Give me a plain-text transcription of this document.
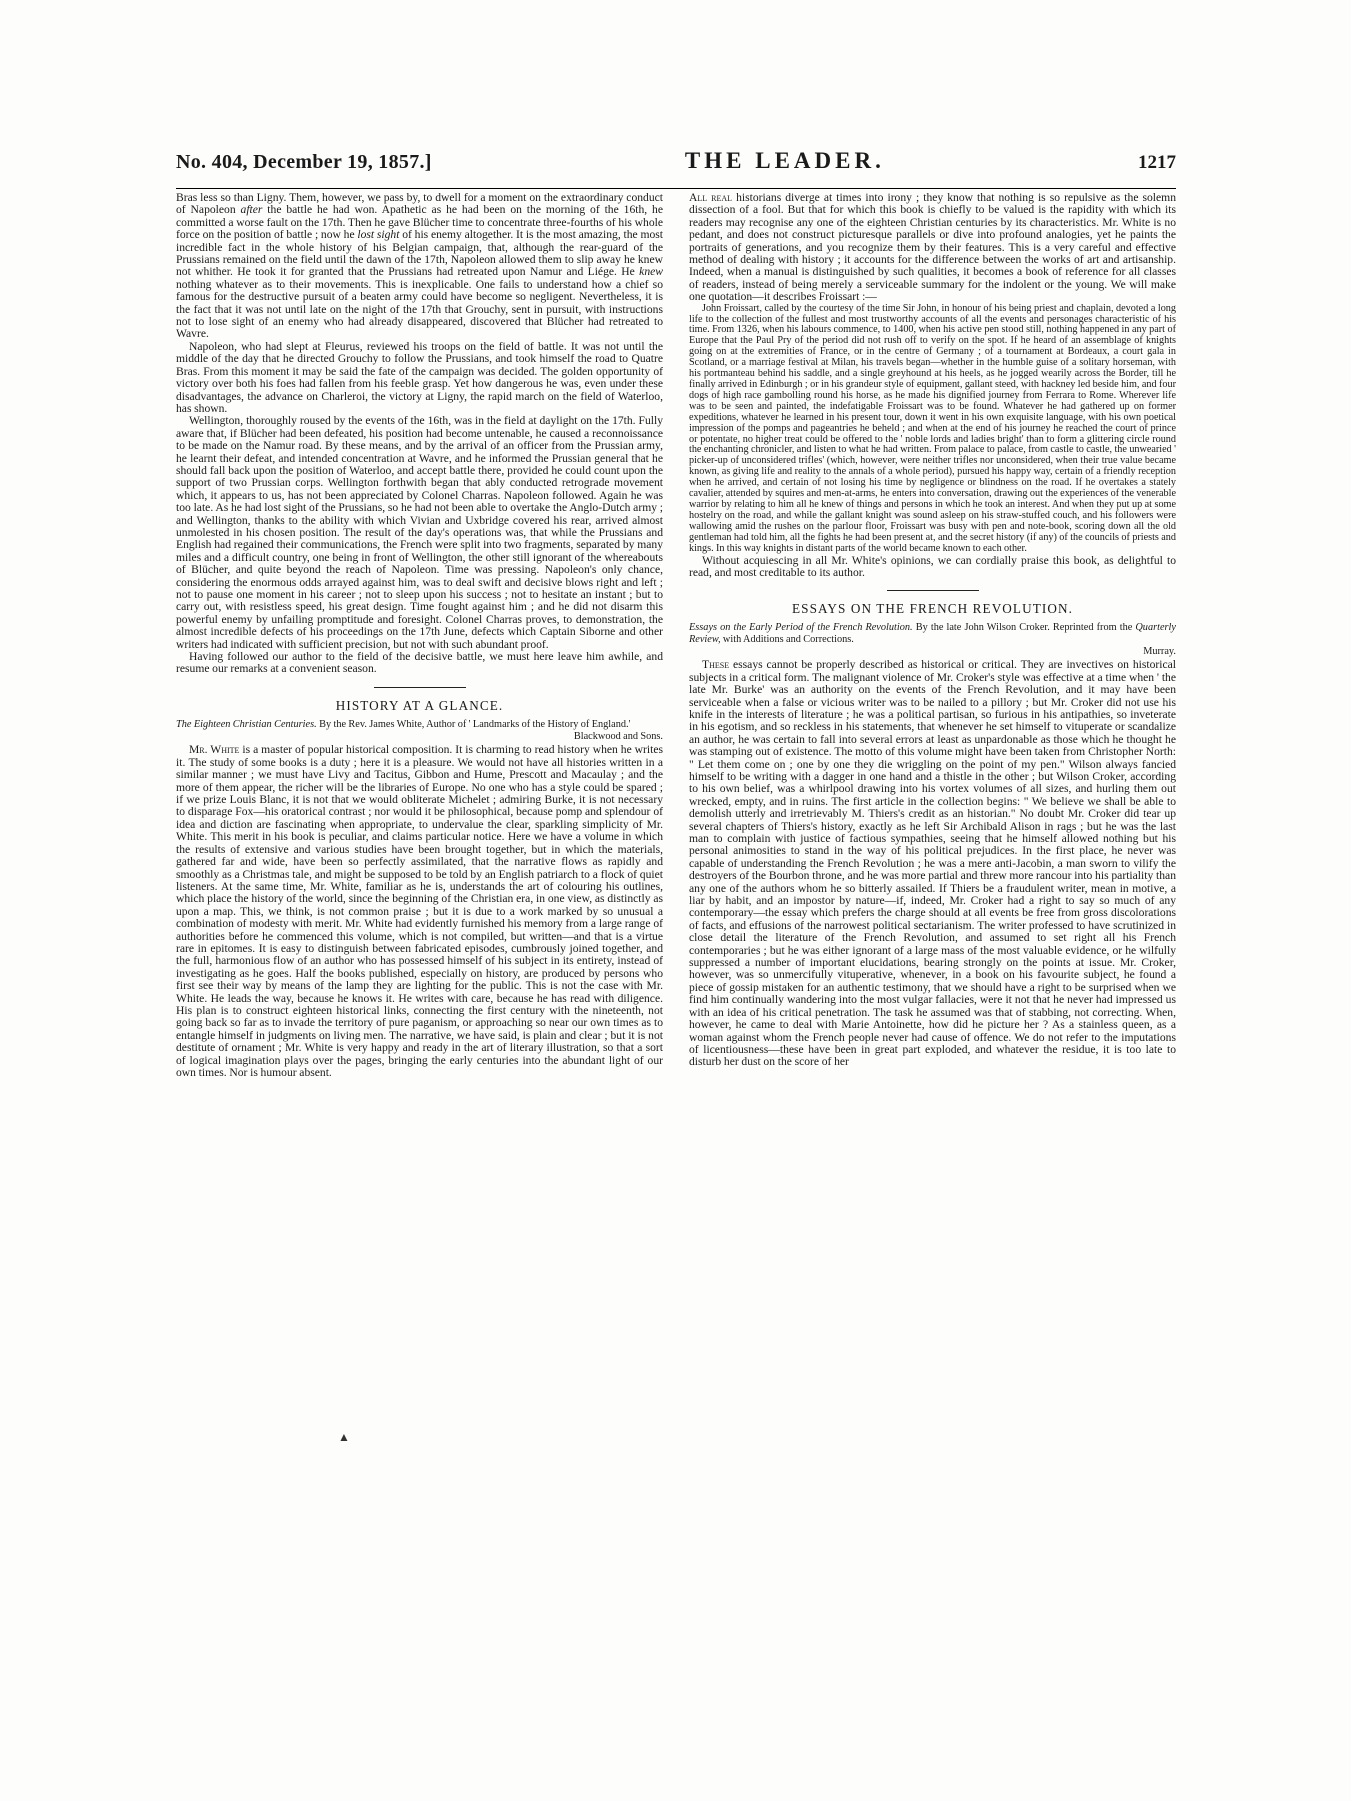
No. 404, December 19, 1857.]	THE LEADER.	1217

Bras less so than Ligny. Them, however, we pass by, to dwell for a moment on the extraordinary conduct of Napoleon after the battle he had won. Apathetic as he had been on the morning of the 16th, he committed a worse fault on the 17th. Then he gave Blücher time to concentrate three-fourths of his whole force on the position of battle ; now he lost sight of his enemy altogether. It is the most amazing, the most incredible fact in the whole history of his Belgian campaign, that, although the rear-guard of the Prussians remained on the field until the dawn of the 17th, Napoleon allowed them to slip away he knew not whither. He took it for granted that the Prussians had retreated upon Namur and Liége. He knew nothing whatever as to their movements. This is inexplicable. One fails to understand how a chief so famous for the destructive pursuit of a beaten army could have become so negligent. Nevertheless, it is the fact that it was not until late on the night of the 17th that Grouchy, sent in pursuit, with instructions not to lose sight of an enemy who had already disappeared, discovered that Blücher had retreated to Wavre.

Napoleon, who had slept at Fleurus, reviewed his troops on the field of battle. It was not until the middle of the day that he directed Grouchy to follow the Prussians, and took himself the road to Quatre Bras. From this moment it may be said the fate of the campaign was decided. The golden opportunity of victory over both his foes had fallen from his feeble grasp. Yet how dangerous he was, even under these disadvantages, the advance on Charleroi, the victory at Ligny, the rapid march on the field of Waterloo, has shown.

Wellington, thoroughly roused by the events of the 16th, was in the field at daylight on the 17th. Fully aware that, if Blücher had been defeated, his position had become untenable, he caused a reconnoissance to be made on the Namur road. By these means, and by the arrival of an officer from the Prussian army, he learnt their defeat, and intended concentration at Wavre, and he informed the Prussian general that he should fall back upon the position of Waterloo, and accept battle there, provided he could count upon the support of two Prussian corps. Wellington forthwith began that ably conducted retrograde movement which, it appears to us, has not been appreciated by Colonel Charras. Napoleon followed. Again he was too late. As he had lost sight of the Prussians, so he had not been able to overtake the Anglo-Dutch army ; and Wellington, thanks to the ability with which Vivian and Uxbridge covered his rear, arrived almost unmolested in his chosen position. The result of the day's operations was, that while the Prussians and English had regained their communications, the French were split into two fragments, separated by many miles and a difficult country, one being in front of Wellington, the other still ignorant of the whereabouts of Blücher, and quite beyond the reach of Napoleon. Time was pressing. Napoleon's only chance, considering the enormous odds arrayed against him, was to deal swift and decisive blows right and left ; not to pause one moment in his career ; not to sleep upon his success ; not to hesitate an instant ; but to carry out, with resistless speed, his great design. Time fought against him ; and he did not disarm this powerful enemy by unfailing promptitude and foresight. Colonel Charras proves, to demonstration, the almost incredible defects of his proceedings on the 17th June, defects which Captain Siborne and other writers had indicated with sufficient precision, but not with such abundant proof.

Having followed our author to the field of the decisive battle, we must here leave him awhile, and resume our remarks at a convenient season.

HISTORY AT A GLANCE.

The Eighteen Christian Centuries. By the Rev. James White, Author of ' Landmarks of the History of England.'

Blackwood and Sons.

Mr. White is a master of popular historical composition. It is charming to read history when he writes it. The study of some books is a duty ; here it is a pleasure. We would not have all histories written in a similar manner ; we must have Livy and Tacitus, Gibbon and Hume, Prescott and Macaulay ; and the more of them appear, the richer will be the libraries of Europe. No one who has a style could be spared ; if we prize Louis Blanc, it is not that we would obliterate Michelet ; admiring Burke, it is not necessary to disparage Fox—his oratorical contrast ; nor would it be philosophical, because pomp and splendour of idea and diction are fascinating when appropriate, to undervalue the clear, sparkling simplicity of Mr. White. This merit in his book is peculiar, and claims particular notice. Here we have a volume in which the results of extensive and various studies have been brought together, but in which the materials, gathered far and wide, have been so perfectly assimilated, that the narrative flows as rapidly and smoothly as a Christmas tale, and might be supposed to be told by an English patriarch to a flock of quiet listeners. At the same time, Mr. White, familiar as he is, understands the art of colouring his outlines, which place the history of the world, since the beginning of the Christian era, in one view, as distinctly as upon a map. This, we think, is not common praise ; but it is due to a work marked by so unusual a combination of modesty with merit. Mr. White had evidently furnished his memory from a large range of authorities before he commenced this volume, which is not compiled, but written—and that is a virtue rare in epitomes. It is easy to distinguish between fabricated episodes, cumbrously joined together, and the full, harmonious flow of an author who has possessed himself of his subject in its entirety, instead of investigating as he goes. Half the books published, especially on history, are produced by persons who first see their way by means of the lamp they are lighting for the public. This is not the case with Mr. White. He leads the way, because he knows it. He writes with care, because he has read with diligence. His plan is to construct eighteen historical links, connecting the first century with the nineteenth, not going back so far as to invade the territory of pure paganism, or approaching so near our own times as to entangle himself in judgments on living men. The narrative, we have said, is plain and clear ; but it is not destitute of ornament ; Mr. White is very happy and ready in the art of literary illustration, so that a sort of logical imagination plays over the pages, bringing the early centuries into the abundant light of our own times. Nor is humour absent.

All real historians diverge at times into irony ; they know that nothing is so repulsive as the solemn dissection of a fool. But that for which this book is chiefly to be valued is the rapidity with which its readers may recognise any one of the eighteen Christian centuries by its characteristics. Mr. White is no pedant, and does not construct picturesque parallels or dive into profound analogies, yet he paints the portraits of generations, and you recognize them by their features. This is a very careful and effective method of dealing with history ; it accounts for the difference between the works of art and artisanship. Indeed, when a manual is distinguished by such qualities, it becomes a book of reference for all classes of readers, instead of being merely a serviceable summary for the indolent or the young. We will make one quotation—it describes Froissart :—

John Froissart, called by the courtesy of the time Sir John, in honour of his being priest and chaplain, devoted a long life to the collection of the fullest and most trustworthy accounts of all the events and personages characteristic of his time. From 1326, when his labours commence, to 1400, when his active pen stood still, nothing happened in any part of Europe that the Paul Pry of the period did not rush off to verify on the spot. If he heard of an assemblage of knights going on at the extremities of France, or in the centre of Germany ; of a tournament at Bordeaux, a court gala in Scotland, or a marriage festival at Milan, his travels began—whether in the humble guise of a solitary horseman, with his portmanteau behind his saddle, and a single greyhound at his heels, as he jogged wearily across the Border, till he finally arrived in Edinburgh ; or in his grandeur style of equipment, gallant steed, with hackney led beside him, and four dogs of high race gambolling round his horse, as he made his dignified journey from Ferrara to Rome. Wherever life was to be seen and painted, the indefatigable Froissart was to be found. Whatever he had gathered up on former expeditions, whatever he learned in his present tour, down it went in his own exquisite language, with his own poetical impression of the pomps and pageantries he beheld ; and when at the end of his journey he reached the court of prince or potentate, no higher treat could be offered to the ' noble lords and ladies bright' than to form a glittering circle round the enchanting chronicler, and listen to what he had written. From palace to palace, from castle to castle, the unwearied ' picker-up of unconsidered trifles' (which, however, were neither trifles nor unconsidered, when their true value became known, as giving life and reality to the annals of a whole period), pursued his happy way, certain of a friendly reception when he arrived, and certain of not losing his time by negligence or blindness on the road. If he overtakes a stately cavalier, attended by squires and men-at-arms, he enters into conversation, drawing out the experiences of the venerable warrior by relating to him all he knew of things and persons in which he took an interest. And when they put up at some hostelry on the road, and while the gallant knight was sound asleep on his straw-stuffed couch, and his followers were wallowing amid the rushes on the parlour floor, Froissart was busy with pen and note-book, scoring down all the old gentleman had told him, all the fights he had been present at, and the secret history (if any) of the councils of priests and kings. In this way knights in distant parts of the world became known to each other.

Without acquiescing in all Mr. White's opinions, we can cordially praise this book, as delightful to read, and most creditable to its author.

ESSAYS ON THE FRENCH REVOLUTION.

Essays on the Early Period of the French Revolution. By the late John Wilson Croker. Reprinted from the Quarterly Review, with Additions and Corrections.

Murray.

These essays cannot be properly described as historical or critical. They are invectives on historical subjects in a critical form. The malignant violence of Mr. Croker's style was effective at a time when ' the late Mr. Burke' was an authority on the events of the French Revolution, and it may have been serviceable when a false or vicious writer was to be nailed to a pillory ; but Mr. Croker did not use his knife in the interests of literature ; he was a political partisan, so furious in his antipathies, so inveterate in his egotism, and so reckless in his statements, that whenever he set himself to vituperate or scandalize an author, he was certain to fall into several errors at least as unpardonable as those which he thought he was stamping out of existence. The motto of this volume might have been taken from Christopher North: " Let them come on ; one by one they die wriggling on the point of my pen." Wilson always fancied himself to be writing with a dagger in one hand and a thistle in the other ; but Wilson Croker, according to his own belief, was a whirlpool drawing into his vortex volumes of all sizes, and hurling them out wrecked, empty, and in ruins. The first article in the collection begins: " We believe we shall be able to demolish utterly and irretrievably M. Thiers's credit as an historian." No doubt Mr. Croker did tear up several chapters of Thiers's history, exactly as he left Sir Archibald Alison in rags ; but he was the last man to complain with justice of factious sympathies, seeing that he himself allowed nothing but his personal animosities to stand in the way of his political prejudices. In the first place, he never was capable of understanding the French Revolution ; he was a mere anti-Jacobin, a man sworn to vilify the destroyers of the Bourbon throne, and he was more partial and threw more rancour into his partiality than any one of the authors whom he so bitterly assailed. If Thiers be a fraudulent writer, mean in motive, a liar by habit, and an impostor by nature—if, indeed, Mr. Croker had a right to say so much of any contemporary—the essay which prefers the charge should at all events be free from gross discolorations of facts, and effusions of the narrowest political sectarianism. The writer professed to have scrutinized in close detail the literature of the French Revolution, and assumed to set right all his French contemporaries ; but he was either ignorant of a large mass of the most valuable evidence, or he wilfully suppressed a number of important elucidations, bearing strongly on the points at issue. Mr. Croker, however, was so unmercifully vituperative, whenever, in a book on his favourite subject, he found a piece of gossip mistaken for an authentic testimony, that we should have a right to be surprised when we find him continually wandering into the most vulgar fallacies, were it not that he never had impressed us with an idea of his critical penetration. The task he assumed was that of stabbing, not correcting. When, however, he came to deal with Marie Antoinette, how did he picture her ? As a stainless queen, as a woman against whom the French people never had cause of offence. We do not refer to the imputations of licentiousness—these have been in great part exploded, and whatever the residue, it is too late to disturb her dust on the score of her

▲
